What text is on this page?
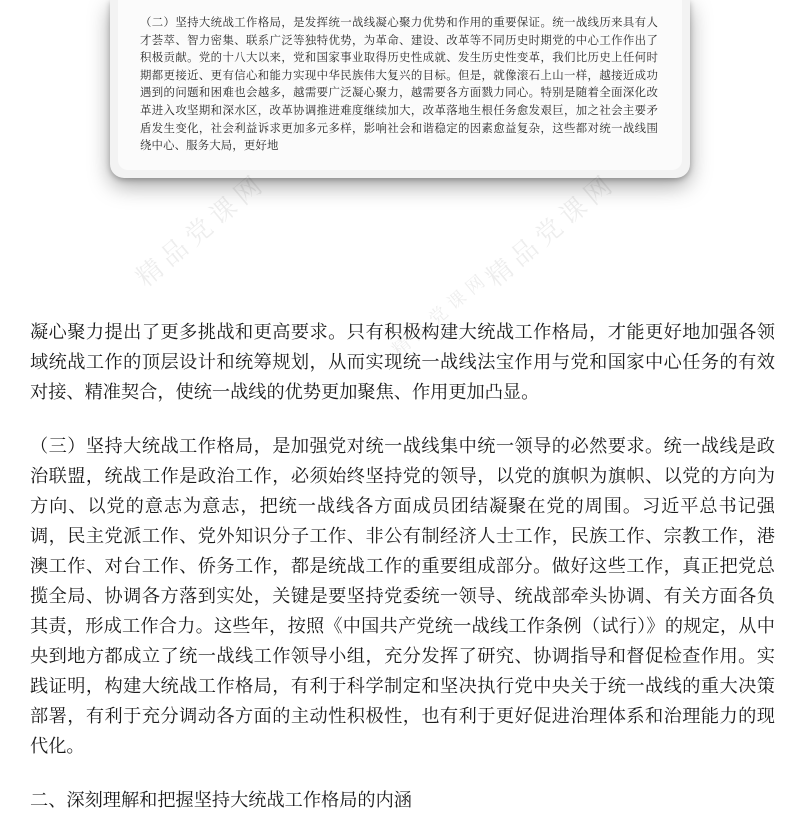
（二）坚持大统战工作格局，是发挥统一战线凝心聚力优势和作用的重要保证。统一战线历来具有人才荟萃、智力密集、联系广泛等独特优势，为革命、建设、改革等不同历史时期党的中心工作作出了积极贡献。党的十八大以来，党和国家事业取得历史性成就、发生历史性变革，我们比历史上任何时期都更接近、更有信心和能力实现中华民族伟大复兴的目标。但是，就像滚石上山一样，越接近成功遇到的问题和困难也会越多，越需要广泛凝心聚力，越需要各方面戮力同心。特别是随着全面深化改革进入攻坚期和深水区，改革协调推进难度继续加大，改革落地生根任务愈发艰巨，加之社会主要矛盾发生变化，社会利益诉求更加多元多样，影响社会和谐稳定的因素愈益复杂，这些都对统一战线围绕中心、服务大局，更好地
精品党课网	精品党课网
精品党课网

凝心聚力提出了更多挑战和更高要求。只有积极构建大统战工作格局，才能更好地加强各领域统战工作的顶层设计和统筹规划，从而实现统一战线法宝作用与党和国家中心任务的有效对接、精准契合，使统一战线的优势更加聚焦、作用更加凸显。

（三）坚持大统战工作格局，是加强党对统一战线集中统一领导的必然要求。统一战线是政治联盟，统战工作是政治工作，必须始终坚持党的领导，以党的旗帜为旗帜、以党的方向为方向、以党的意志为意志，把统一战线各方面成员团结凝聚在党的周围。习近平总书记强调，民主党派工作、党外知识分子工作、非公有制经济人士工作，民族工作、宗教工作，港澳工作、对台工作、侨务工作，都是统战工作的重要组成部分。做好这些工作，真正把党总揽全局、协调各方落到实处，关键是要坚持党委统一领导、统战部牵头协调、有关方面各负其责，形成工作合力。这些年，按照《中国共产党统一战线工作条例（试行）》的规定，从中央到地方都成立了统一战线工作领导小组，充分发挥了研究、协调指导和督促检查作用。实践证明，构建大统战工作格局，有利于科学制定和坚决执行党中央关于统一战线的重大决策部署，有利于充分调动各方面的主动性积极性，也有利于更好促进治理体系和治理能力的现代化。

二、深刻理解和把握坚持大统战工作格局的内涵
